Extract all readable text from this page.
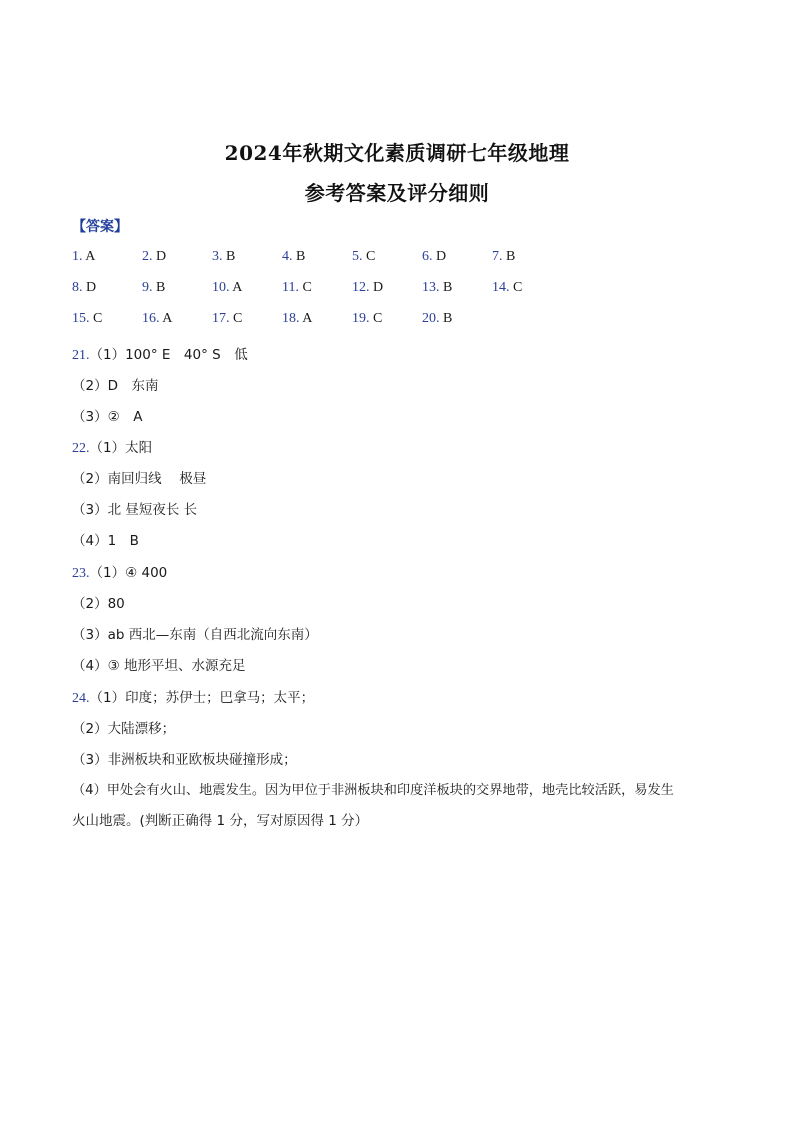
2024年秋期文化素质调研七年级地理
参考答案及评分细则
【答案】
1. A	2. D	3. B	4. B	5. C	6. D	7. B
8. D	9. B	10. A	11. C	12. D	13. B	14. C
15. C	16. A	17. C	18. A	19. C	20. B
21.（1）100° E　40° S　低
（2）D　东南
（3）②　A
22.（1）太阳
（2）南回归线　 极昼
（3）北 昼短夜长 长
（4）1　B
23.（1）④ 400
（2）80
（3）ab 西北—东南（自西北流向东南）
（4）③ 地形平坦、水源充足
24.（1）印度；苏伊士；巴拿马；太平；
（2）大陆漂移；
（3）非洲板块和亚欧板块碰撞形成；
（4）甲处会有火山、地震发生。因为甲位于非洲板块和印度洋板块的交界地带，地壳比较活跃，易发生
火山地震。(判断正确得 1 分，写对原因得 1 分）
